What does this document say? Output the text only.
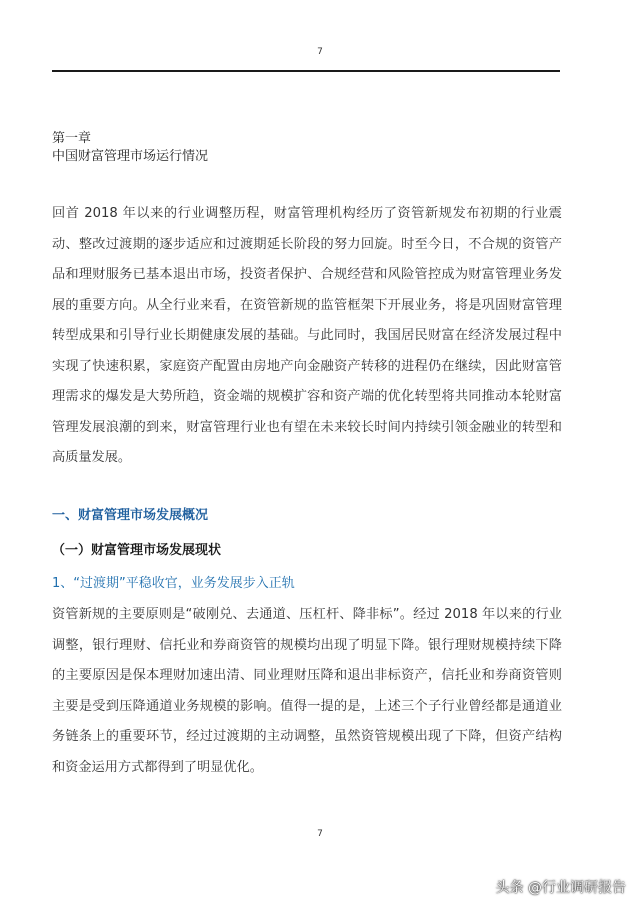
7
第一章
中国财富管理市场运行情况
回首 2018 年以来的行业调整历程，财富管理机构经历了资管新规发布初期的行业震动、整改过渡期的逐步适应和过渡期延长阶段的努力回旋。时至今日，不合规的资管产品和理财服务已基本退出市场，投资者保护、合规经营和风险管控成为财富管理业务发展的重要方向。从全行业来看，在资管新规的监管框架下开展业务，将是巩固财富管理转型成果和引导行业长期健康发展的基础。与此同时，我国居民财富在经济发展过程中实现了快速积累，家庭资产配置由房地产向金融资产转移的进程仍在继续，因此财富管理需求的爆发是大势所趋，资金端的规模扩容和资产端的优化转型将共同推动本轮财富管理发展浪潮的到来，财富管理行业也有望在未来较长时间内持续引领金融业的转型和高质量发展。
一、财富管理市场发展概况
（一）财富管理市场发展现状
1、“过渡期”平稳收官，业务发展步入正轨
资管新规的主要原则是“破刚兑、去通道、压杠杆、降非标”。经过 2018 年以来的行业调整，银行理财、信托业和券商资管的规模均出现了明显下降。银行理财规模持续下降的主要原因是保本理财加速出清、同业理财压降和退出非标资产，信托业和券商资管则主要是受到压降通道业务规模的影响。值得一提的是，上述三个子行业曾经都是通道业务链条上的重要环节，经过过渡期的主动调整，虽然资管规模出现了下降，但资产结构和资金运用方式都得到了明显优化。
7
头条 @行业调研报告
